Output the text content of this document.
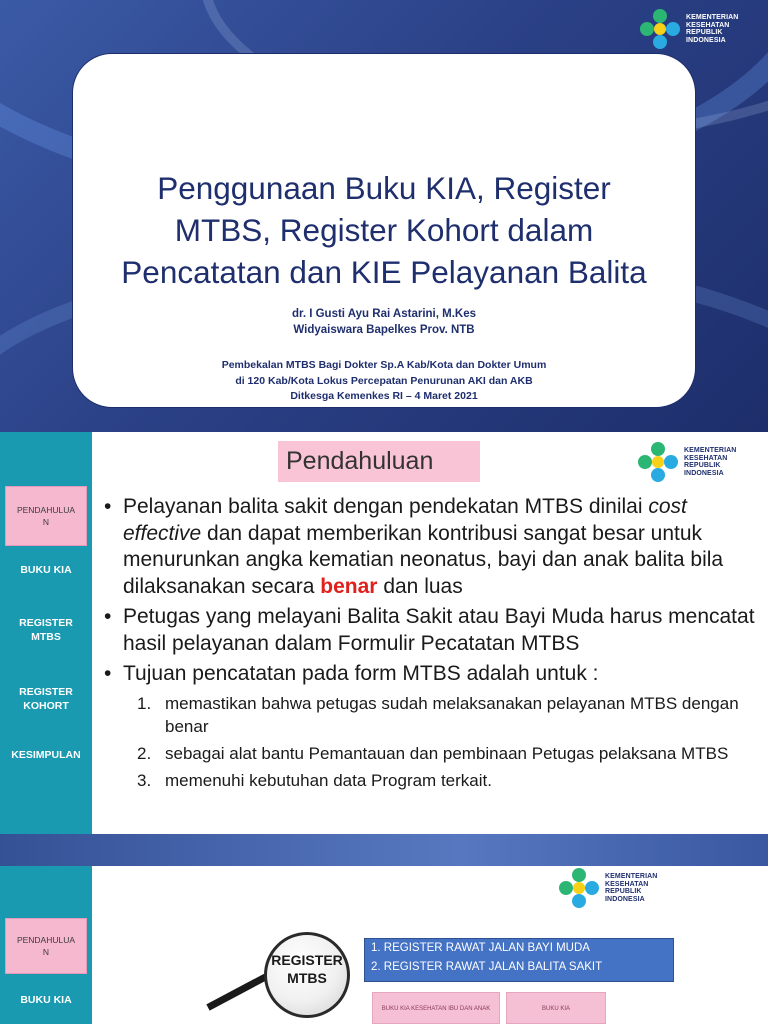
KEMENTERIAN
KESEHATAN
REPUBLIK
INDONESIA
Penggunaan Buku KIA, Register
MTBS, Register Kohort dalam
Pencatatan dan KIE Pelayanan Balita
dr. I Gusti Ayu Rai Astarini, M.Kes
Widyaiswara Bapelkes Prov. NTB
Pembekalan MTBS Bagi Dokter Sp.A Kab/Kota dan Dokter Umum
di 120 Kab/Kota Lokus Percepatan Penurunan AKI dan AKB
Ditkesga Kemenkes RI – 4 Maret 2021
PENDAHULUA
N
BUKU KIA
REGISTER
MTBS
REGISTER
KOHORT
KESIMPULAN
Pendahuluan	KEMENTERIAN
KESEHATAN
REPUBLIK
INDONESIA
• Pelayanan balita sakit dengan pendekatan MTBS dinilai cost effective dan dapat memberikan kontribusi sangat besar untuk menurunkan angka kematian neonatus, bayi dan anak balita bila dilaksanakan secara benar dan luas
• Petugas yang melayani Balita Sakit atau Bayi Muda harus mencatat hasil pelayanan dalam Formulir Pecatatan MTBS
• Tujuan pencatatan pada form MTBS adalah untuk :
1. memastikan bahwa petugas sudah melaksanakan pelayanan MTBS dengan benar
2. sebagai alat bantu Pemantauan dan pembinaan Petugas pelaksana MTBS
3. memenuhi kebutuhan data Program terkait.
PENDAHULUA
N
BUKU KIA
KEMENTERIAN
KESEHATAN
REPUBLIK
INDONESIA
REGISTER
MTBS
1. REGISTER RAWAT JALAN BAYI MUDA
2. REGISTER RAWAT JALAN BALITA SAKIT
BUKU KIA KESEHATAN IBU DAN ANAK	BUKU KIA
